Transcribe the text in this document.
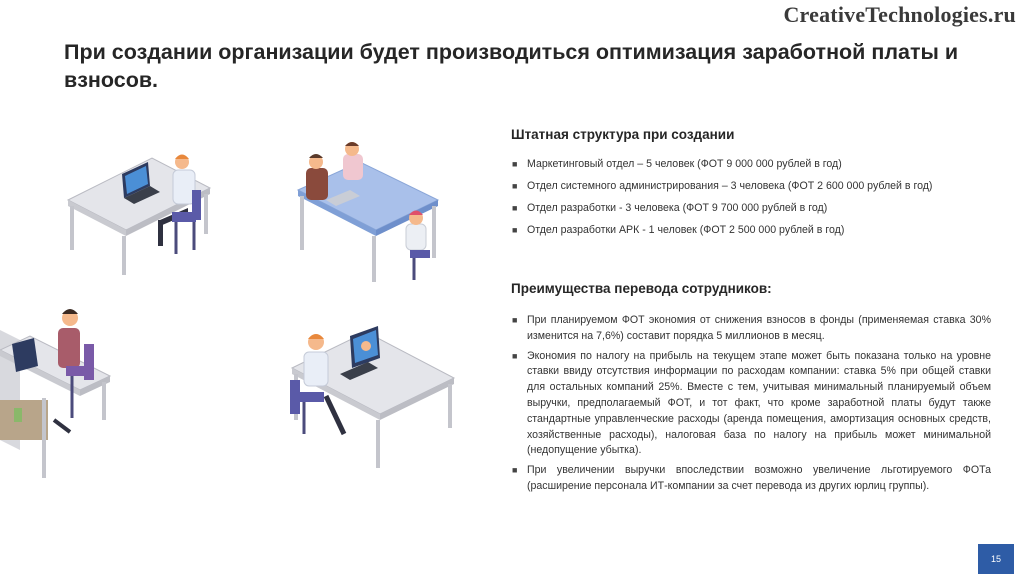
CreativeTechnologies.ru
При создании организации будет производиться оптимизация заработной платы и взносов.
Штатная структура при создании
■ Маркетинговый отдел – 5 человек (ФОТ 9 000 000 рублей в год)
■ Отдел системного администрирования – 3 человека (ФОТ 2 600 000 рублей в год)
■ Отдел разработки - 3 человека (ФОТ 9 700 000 рублей в год)
■ Отдел разработки АРК - 1 человек (ФОТ 2 500 000 рублей в год)
Преимущества перевода сотрудников:
■ При планируемом ФОТ экономия от снижения взносов в фонды (применяемая ставка 30% изменится на 7,6%) составит порядка 5 миллионов в месяц.
■ Экономия по налогу на прибыль на текущем этапе может быть показана только на уровне ставки ввиду отсутствия информации по расходам компании: ставка 5% при общей ставки для остальных компаний 25%. Вместе с тем, учитывая минимальный планируемый объем выручки, предполагаемый ФОТ, и тот факт, что кроме заработной платы будут также стандартные управленческие расходы (аренда помещения, амортизация основных средств, хозяйственные расходы), налоговая база по налогу на прибыль может минимальной (недопущение убытка).
■ При увеличении выручки впоследствии возможно увеличение льготируемого ФОТа (расширение персонала ИТ-компании за счет перевода из других юрлиц группы).
15
